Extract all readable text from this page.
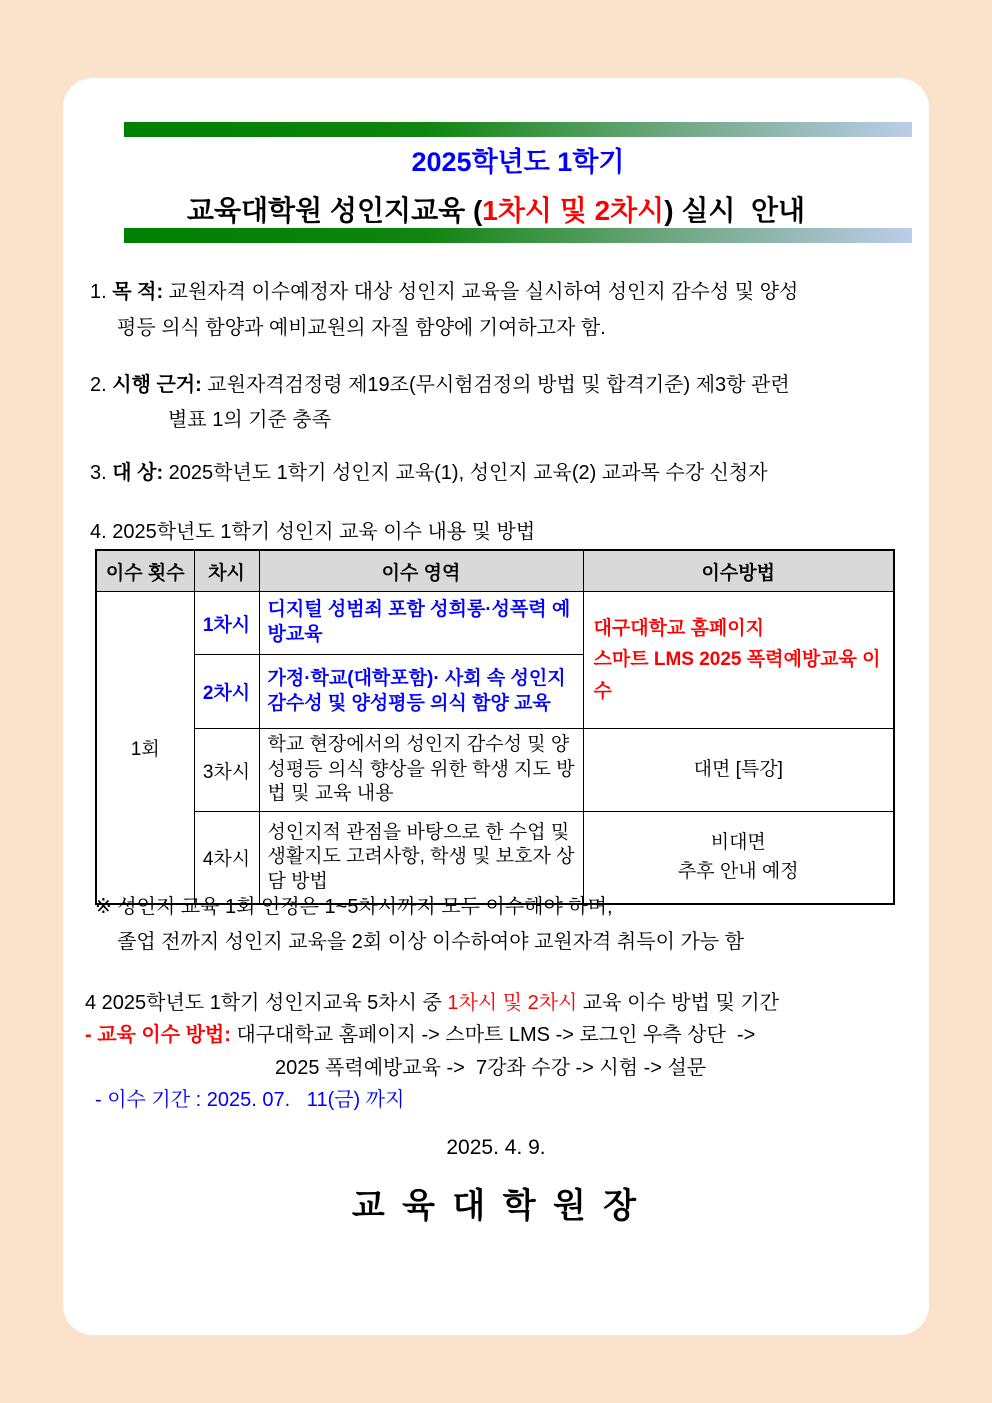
2025학년도 1학기
교육대학원 성인지교육 (1차시 및 2차시) 실시  안내
1. 목 적: 교원자격 이수예정자 대상 성인지 교육을 실시하여 성인지 감수성 및 양성
평등 의식 함양과 예비교원의 자질 함양에 기여하고자 함.
2. 시행 근거: 교원자격검정령 제19조(무시험검정의 방법 및 합격기준) 제3항 관련
별표 1의 기준 충족
3. 대 상: 2025학년도 1학기 성인지 교육(1), 성인지 교육(2) 교과목 수강 신청자
4. 2025학년도 1학기 성인지 교육 이수 내용 및 방법
이수 횟수	차시	이수 영역	이수방법
1회	1차시	디지털 성범죄 포함 성희롱·성폭력 예방교육	대구대학교 홈페이지
스마트 LMS 2025 폭력예방교육 이수

	2차시	가정·학교(대학포함)· 사회 속 성인지 감수성 및 양성평등 의식 함양 교육	
	3차시	학교 현장에서의 성인지 감수성 및 양성평등 의식 향상을 위한 학생 지도 방법 및 교육 내용	대면 [특강]
	4차시	성인지적 관점을 바탕으로 한 수업 및 생활지도 고려사항, 학생 및 보호자 상담 방법	비대면
추후 안내 예정
※ 성인지 교육 1회 인정은 1~5차시까지 모두 이수해야 하며,
졸업 전까지 성인지 교육을 2회 이상 이수하여야 교원자격 취득이 가능 함
4 2025학년도 1학기 성인지교육 5차시 중 1차시 및 2차시 교육 이수 방법 및 기간
- 교육 이수 방법: 대구대학교 홈페이지 -> 스마트 LMS -> 로그인 우측 상단  ->
2025 폭력예방교육 ->  7강좌 수강 -> 시험 -> 설문
- 이수 기간 : 2025. 07.   11(금) 까지
2025. 4. 9.
교 육 대 학 원 장
